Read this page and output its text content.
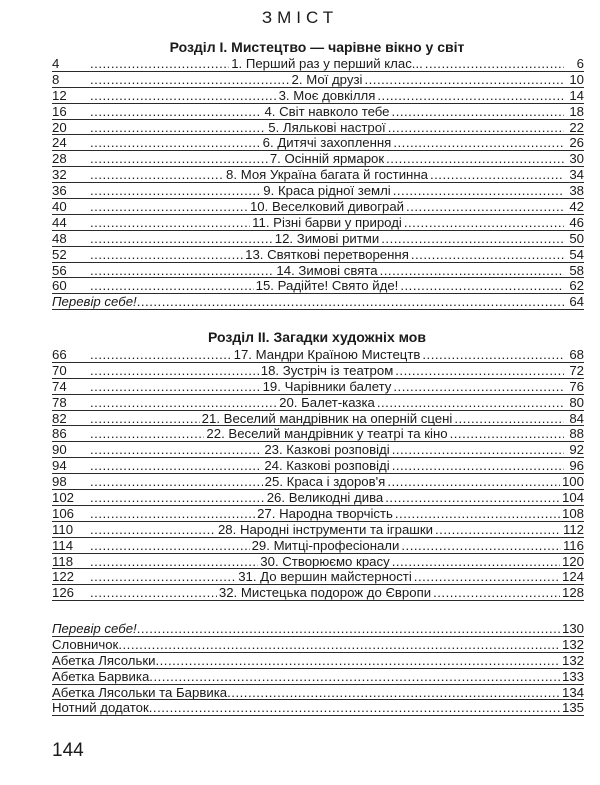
ЗМІСТ
Розділ І. Мистецтво — чарівне вікно у світ
4 .....	1. Перший раз у перший клас... .....	6
8 .....	2. Мої друзі .....	10
12 .....	3. Моє довкілля .....	14
16 .....	4. Світ навколо тебе .....	18
20 .....	5. Лялькові настрої .....	22
24 .....	6. Дитячі захоплення .....	26
28 .....	7. Осінній ярмарок .....	30
32 .....	8. Моя Україна багата й гостинна .....	34
36 .....	9. Краса рідної землі .....	38
40 .....	10. Веселковий дивограй .....	42
44 .....	11. Різні барви у природі .....	46
48 .....	12. Зимові ритми .....	50
52 .....	13. Святкові перетворення .....	54
56 .....	14. Зимові свята .....	58
60 .....	15. Радійте! Свято йде! .....	62
Перевір себе! .....	64
Розділ ІІ. Загадки художніх мов
66 .....	17. Мандри Країною Мистецтв .....	68
70 .....	18. Зустріч із театром .....	72
74 .....	19. Чарівники балету .....	76
78 .....	20. Балет-казка .....	80
82 .....	21. Веселий мандрівник на оперній сцені .....	84
86 .....	22. Веселий мандрівник у театрі та кіно .....	88
90 .....	23. Казкові розповіді .....	92
94 .....	24. Казкові розповіді .....	96
98 .....	25. Краса і здоров'я .....	100
102 .....	26. Великодні дива .....	104
106 .....	27. Народна творчість .....	108
110 .....	28. Народні інструменти та іграшки .....	112
114 .....	29. Митці-професіонали .....	116
118 .....	30. Створюємо красу .....	120
122 .....	31. До вершин майстерності .....	124
126 .....	32. Мистецька подорож до Європи .....	128
Перевір себе! .....	130
Словничок .....	132
Абетка Лясольки .....	132
Абетка Барвика .....	133
Абетка Лясольки та Барвика .....	134
Нотний додаток .....	135
144
